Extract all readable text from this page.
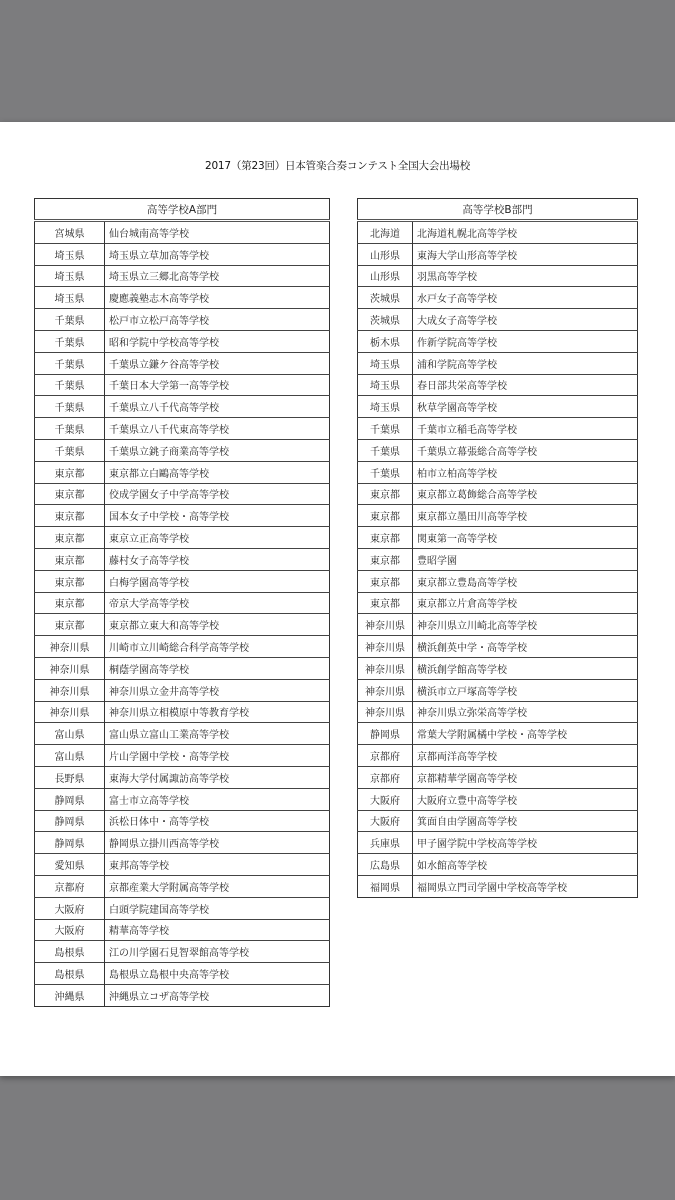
2017（第23回）日本管楽合奏コンテスト全国大会出場校
高等学校A部門	
宮城県	仙台城南高等学校
埼玉県	埼玉県立草加高等学校
埼玉県	埼玉県立三郷北高等学校
埼玉県	慶應義塾志木高等学校
千葉県	松戸市立松戸高等学校
千葉県	昭和学院中学校高等学校
千葉県	千葉県立鎌ケ谷高等学校
千葉県	千葉日本大学第一高等学校
千葉県	千葉県立八千代高等学校
千葉県	千葉県立八千代東高等学校
千葉県	千葉県立銚子商業高等学校
東京都	東京都立白鷗高等学校
東京都	佼成学園女子中学高等学校
東京都	国本女子中学校・高等学校
東京都	東京立正高等学校
東京都	藤村女子高等学校
東京都	白梅学園高等学校
東京都	帝京大学高等学校
東京都	東京都立東大和高等学校
神奈川県	川崎市立川崎総合科学高等学校
神奈川県	桐蔭学園高等学校
神奈川県	神奈川県立金井高等学校
神奈川県	神奈川県立相模原中等教育学校
富山県	富山県立富山工業高等学校
富山県	片山学園中学校・高等学校
長野県	東海大学付属諏訪高等学校
静岡県	富士市立高等学校
静岡県	浜松日体中・高等学校
静岡県	静岡県立掛川西高等学校
愛知県	東邦高等学校
京都府	京都産業大学附属高等学校
大阪府	白頭学院建国高等学校
大阪府	精華高等学校
島根県	江の川学園石見智翠館高等学校
島根県	島根県立島根中央高等学校
沖縄県	沖縄県立コザ高等学校
高等学校B部門	
北海道	北海道札幌北高等学校
山形県	東海大学山形高等学校
山形県	羽黒高等学校
茨城県	水戸女子高等学校
茨城県	大成女子高等学校
栃木県	作新学院高等学校
埼玉県	浦和学院高等学校
埼玉県	春日部共栄高等学校
埼玉県	秋草学園高等学校
千葉県	千葉市立稲毛高等学校
千葉県	千葉県立幕張総合高等学校
千葉県	柏市立柏高等学校
東京都	東京都立葛飾総合高等学校
東京都	東京都立墨田川高等学校
東京都	関東第一高等学校
東京都	豊昭学園
東京都	東京都立豊島高等学校
東京都	東京都立片倉高等学校
神奈川県	神奈川県立川崎北高等学校
神奈川県	横浜創英中学・高等学校
神奈川県	横浜創学館高等学校
神奈川県	横浜市立戸塚高等学校
神奈川県	神奈川県立弥栄高等学校
静岡県	常葉大学附属橘中学校・高等学校
京都府	京都両洋高等学校
京都府	京都精華学園高等学校
大阪府	大阪府立豊中高等学校
大阪府	箕面自由学園高等学校
兵庫県	甲子園学院中学校高等学校
広島県	如水館高等学校
福岡県	福岡県立門司学園中学校高等学校
